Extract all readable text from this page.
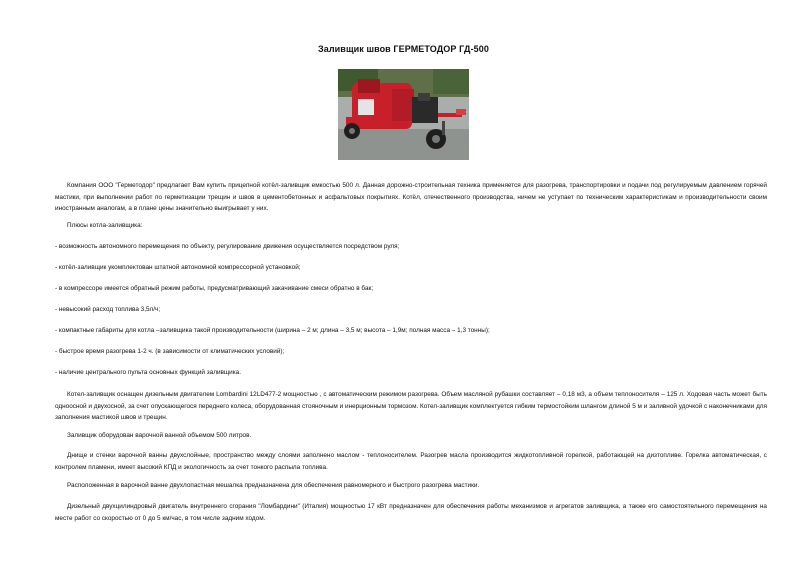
Заливщик швов ГЕРМЕТОДОР ГД-500

Компания ООО "Герметодор" предлагает Вам купить прицепной котёл-заливщик емкостью 500 л. Данная дорожно-строительная техника применяется для разогрева, транспортировки и подачи под регулируемым давлением горячей мастики, при выполнении работ по герметизации трещин и швов в цементобетонных и асфальтовых покрытиях. Котёл, отечественного производства, ничем не уступает по техническим характеристикам и производительности своим иностранным аналогам, а в плане цены значительно выигрывает у них.

Плюсы котла-заливщика:

- возможность автономного перемещения по объекту, регулирование движения осуществляется посредством руля;

- котёл-заливщик укомплектован штатной автономной компрессорной установкой;

- в компрессоре имеется обратный режим работы, предусматривающий закачивание смеси обратно в бак;

- невысокий расход топлива 3,5л/ч;

- компактные габариты для котла –заливщика такой производительности (ширина – 2 м; длина – 3,5 м; высота – 1,9м; полная масса – 1,3 тонны);

- быстрое время разогрева 1-2 ч. (в зависимости от климатических условий);

- наличие центрального пульта основных функций заливщика.

Котел-заливщик оснащен дизельным двигателем Lombardini 12LD477-2 мощностью , с автоматическим режимом разогрева. Объем масляной рубашки составляет – 0,18 м3, а объем теплоносителя – 125 л. Ходовая часть может быть одноосной и двухосной, за счет опускающегося переднего колеса, оборудованная стояночным и инерционным тормозом. Котел-заливщик комплектуется гибким термостойким шлангом длиной 5 м и заливной удочкой с наконечниками для заполнения мастикой швов и трещин.

Заливщик оборудован варочной ванной объемом 500 литров.

Днище и стенки варочной ванны двухслойные, пространство между слоями заполнено маслом - теплоносителем. Разогрев масла производится жидкотопливной горелкой, работающей на дизтопливе. Горелка автоматическая, с контролем пламени, имеет высокий КПД и экологичность за счет тонкого распыла топлива.

Расположенная в варочной ванне двухлопастная мешалка предназначена для обеспечения равномерного и быстрого разогрева мастики.

Дизельный двухцилиндровый двигатель внутреннего сгорания "Ломбардини" (Италия) мощностью 17 кВт предназначен для обеспечения работы механизмов и агрегатов заливщика, а также его самостоятельного перемещения на месте работ со скоростью от 0 до 5 км/час, в том числе задним ходом.
